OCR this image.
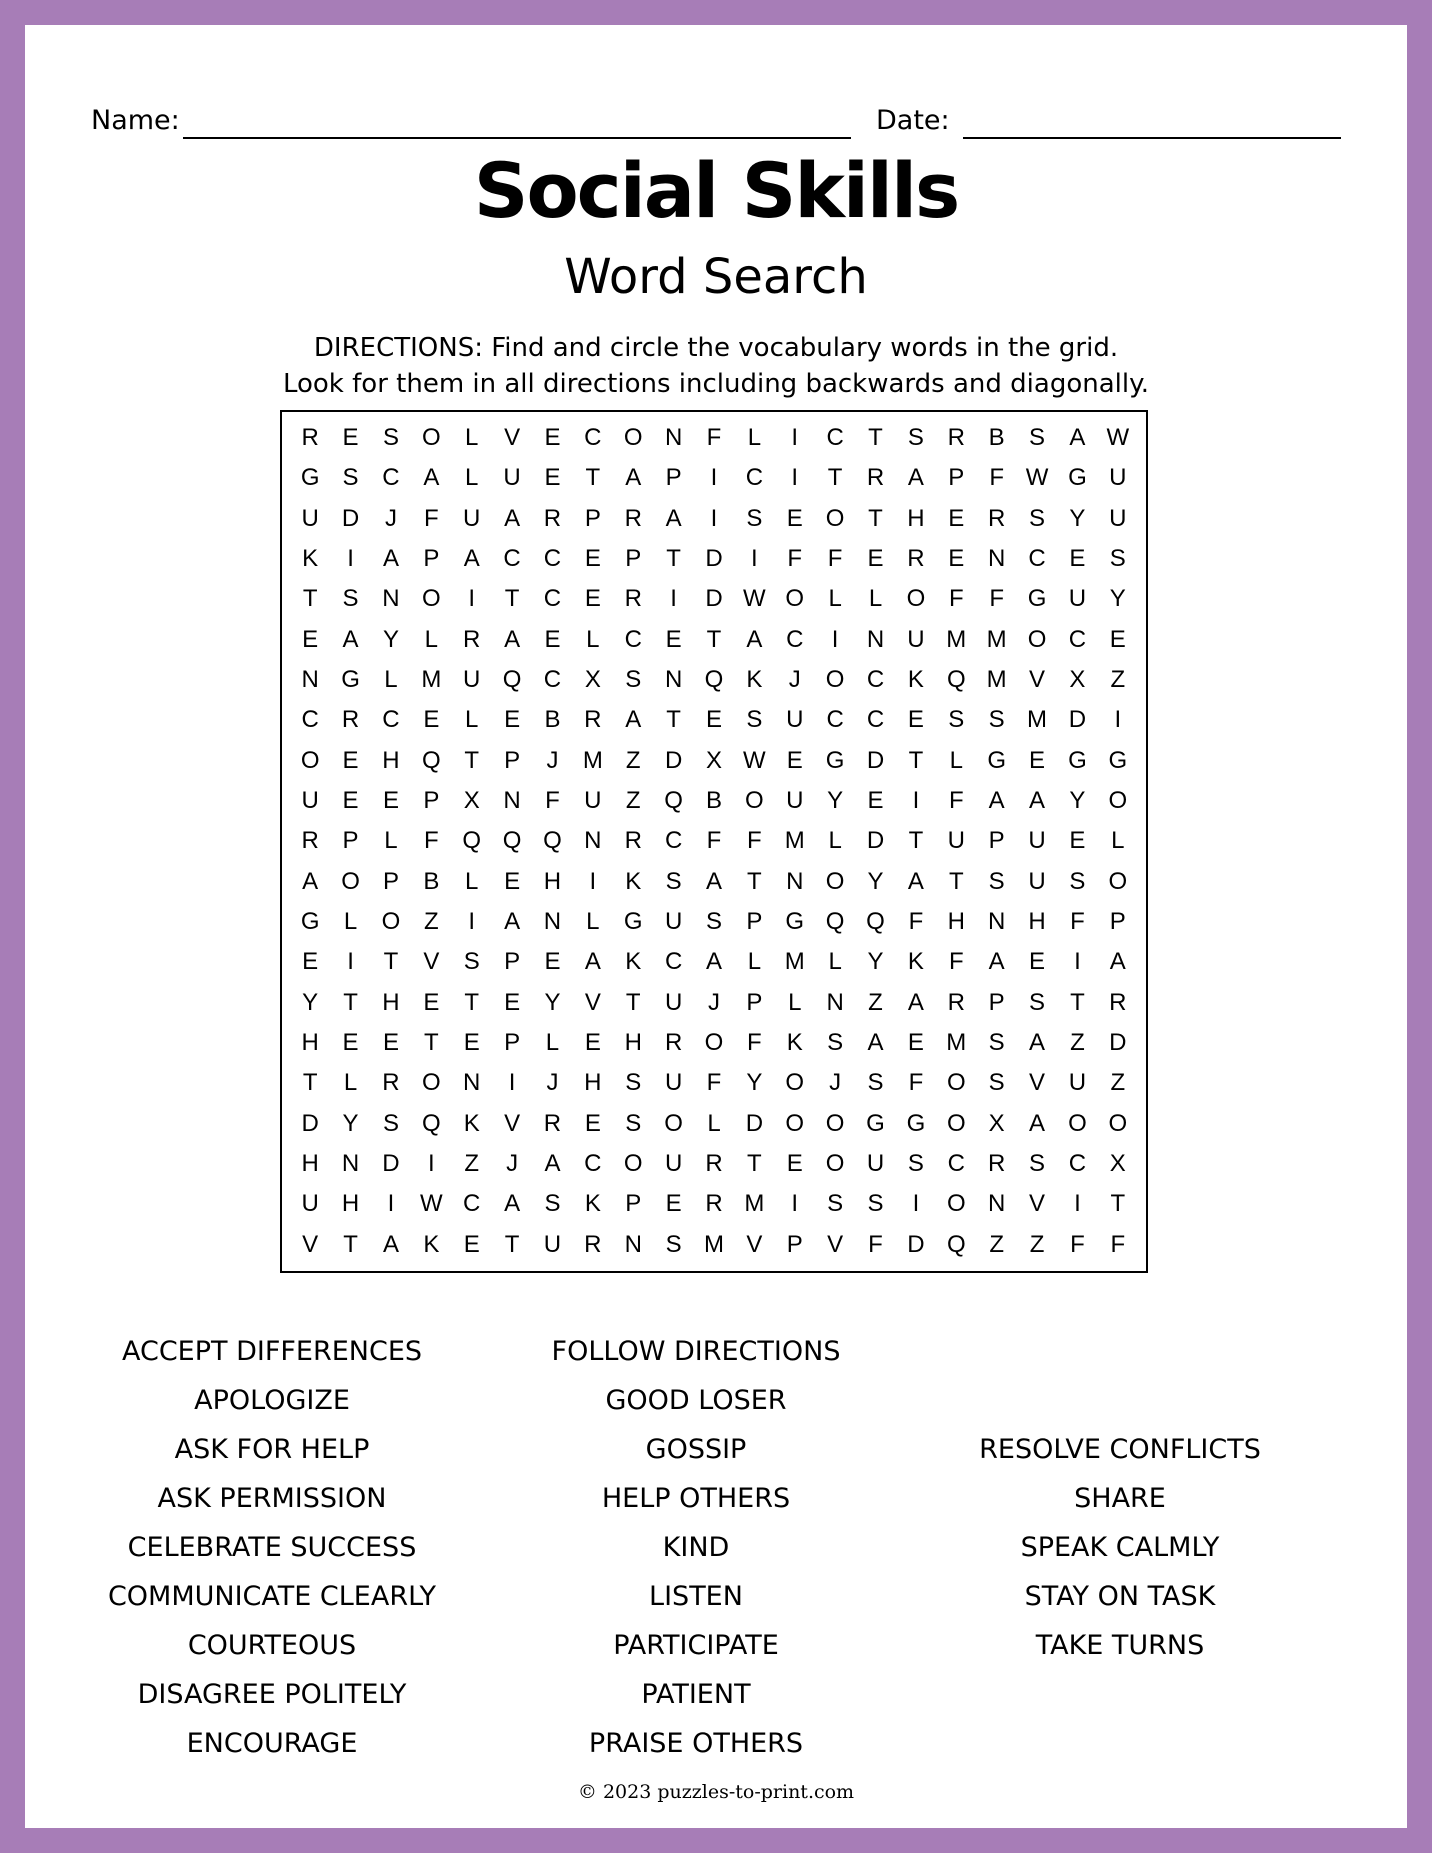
Name:	Date:
Social Skills
Word Search
DIRECTIONS: Find and circle the vocabulary words in the grid.
Look for them in all directions including backwards and diagonally.
R E	S O	L	V	E C O N	F	L	I	C	T	S R B	S	A W
G S C A	L	U E	T	A	P	I	C	I	T	R A	P	F W G U
U D	J	F	U A R P R A	I	S	E O T	H E R S	Y U
K	I	A	P	A C C E	P	T	D	I	F	F	E R E N C E	S
T	S N O	I	T	C E R	I	D W O	L	L	O F	F G U Y
E	A	Y	L	R A	E	L	C E	T	A C	I	N U M M O C E
N G	L M U Q C X	S N Q K	J	O C K Q M V	X	Z
C R C E	L	E	B R A	T	E	S U C C E	S	S M D	I
O E H Q T	P	J	M Z	D X W E G D	T	L	G E G G
U E	E	P	X N	F	U	Z Q B O U Y	E	I	F	A	A	Y O
R P	L	F Q Q Q N R C	F	F M L	D	T	U P U E	L
A O P	B	L	E H	I	K	S	A	T	N O Y	A	T	S U S O
G	L	O Z	I	A N	L	G U S	P G Q Q F	H N H	F	P
E	I	T	V	S	P	E	A	K C A	L M L	Y	K	F	A	E	I	A
Y	T	H E	T	E	Y	V	T	U	J	P	L	N	Z	A R P	S	T	R
H E	E	T	E	P	L	E H R O F	K	S	A	E M S	A	Z	D
T	L	R O N	I	J	H S U	F	Y O	J	S	F O S	V U	Z
D Y	S Q K	V R E	S O	L	D O O G G O X	A O O
H N D	I	Z	J	A C O U R	T	E O U S C R S C X
U H	I	W C A	S	K	P	E R M	I	S	S	I	O N V	I	T
V	T	A	K	E	T	U R N S M V	P	V	F	D Q Z	Z	F	F
ACCEPT DIFFERENCES
APOLOGIZE
ASK FOR HELP
ASK PERMISSION
CELEBRATE SUCCESS
COMMUNICATE CLEARLY
COURTEOUS
DISAGREE POLITELY
ENCOURAGE
FOLLOW DIRECTIONS
GOOD LOSER
GOSSIP
HELP OTHERS
KIND
LISTEN
PARTICIPATE
PATIENT
PRAISE OTHERS
RESOLVE CONFLICTS
SHARE
SPEAK CALMLY
STAY ON TASK
TAKE TURNS
© 2023 puzzles-to-print.com
